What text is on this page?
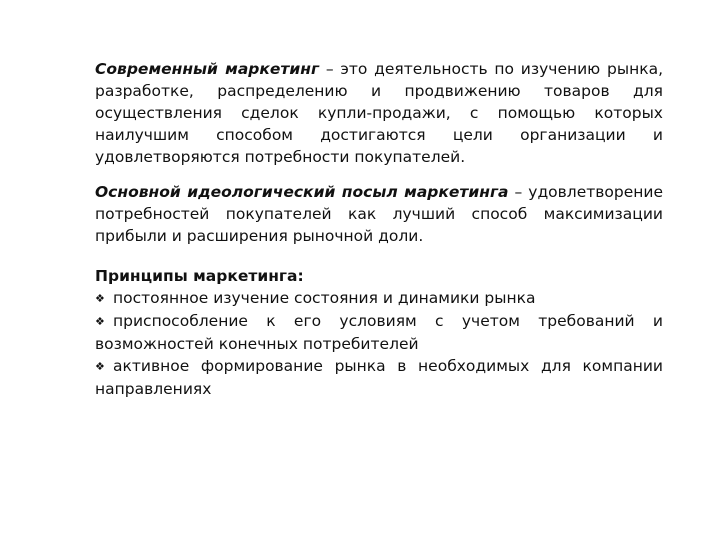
Современный маркетинг – это деятельность по изучению рынка, разработке, распределению и продвижению товаров для осуществления сделок купли-продажи, с помощью которых наилучшим способом достигаются цели организации и удовлетворяются потребности покупателей.

Основной идеологический посыл маркетинга – удовлетворение потребностей покупателей как лучший способ максимизации прибыли и расширения рыночной доли.

Принципы маркетинга:

❖ постоянное изучение состояния и динамики рынка
❖ приспособление к его условиям с учетом требований и возможностей конечных потребителей
❖ активное формирование рынка в необходимых для компании направлениях
